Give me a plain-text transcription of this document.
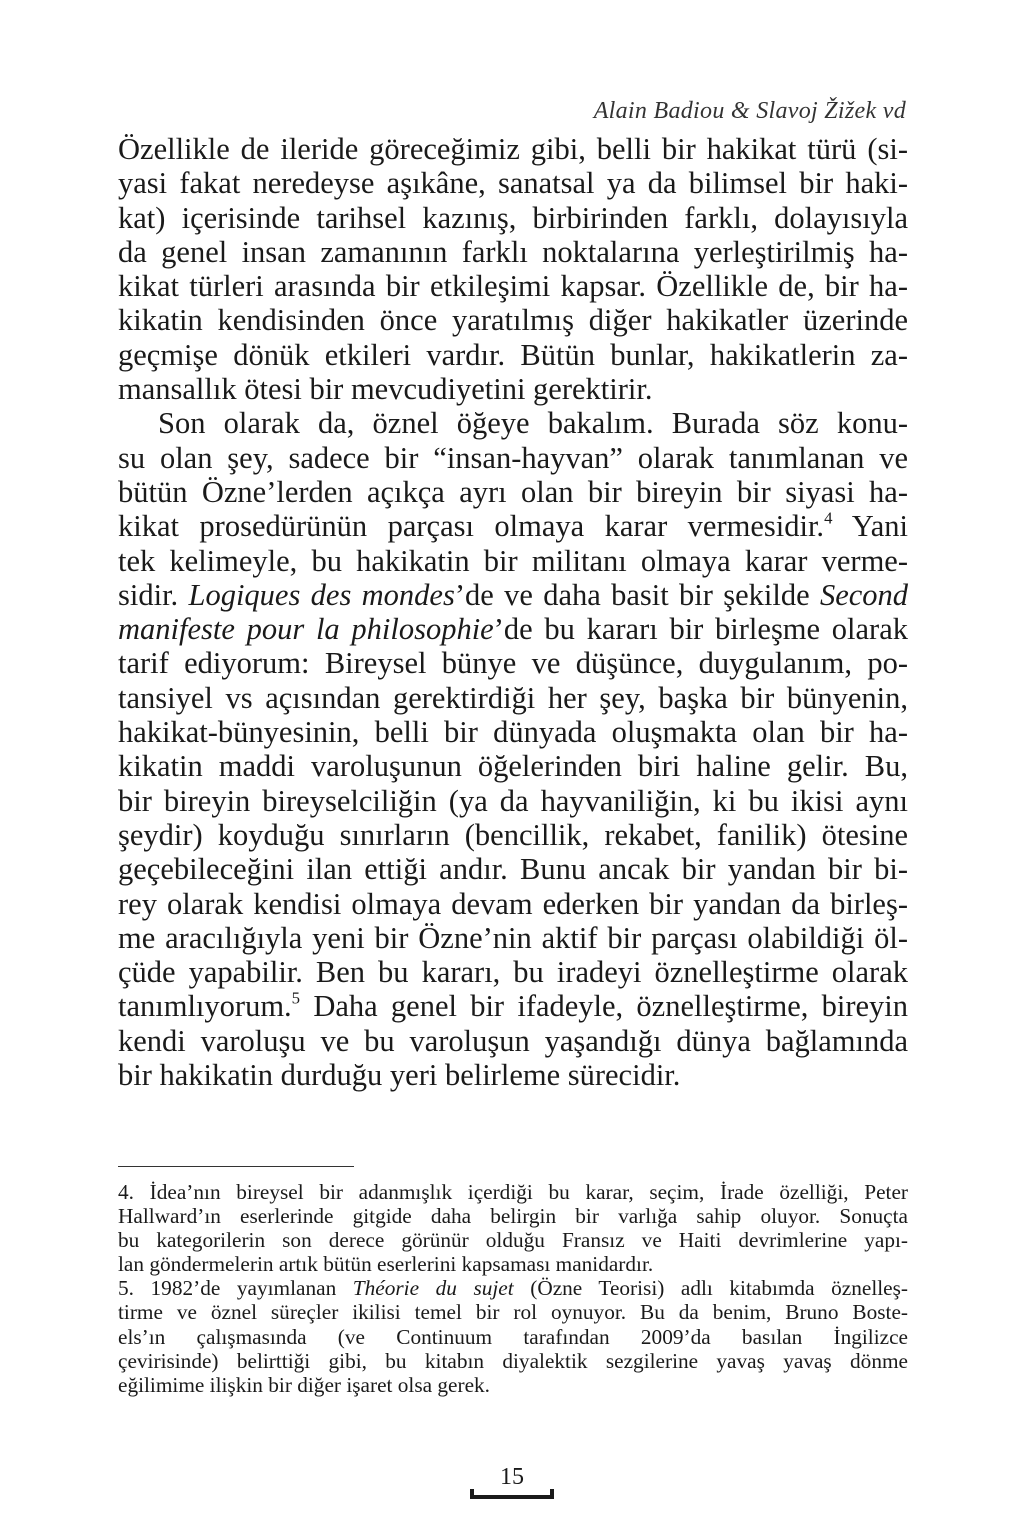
Alain Badiou & Slavoj Žižek vd

Özellikle de ileride göreceğimiz gibi, belli bir hakikat türü (si-
yasi fakat neredeyse aşıkâne, sanatsal ya da bilimsel bir haki-
kat) içerisinde tarihsel kazınış, birbirinden farklı, dolayısıyla
da genel insan zamanının farklı noktalarına yerleştirilmiş ha-
kikat türleri arasında bir etkileşimi kapsar. Özellikle de, bir ha-
kikatin kendisinden önce yaratılmış diğer hakikatler üzerinde
geçmişe dönük etkileri vardır. Bütün bunlar, hakikatlerin za-
mansallık ötesi bir mevcudiyetini gerektirir.

Son olarak da, öznel öğeye bakalım. Burada söz konu-
su olan şey, sadece bir “insan-hayvan” olarak tanımlanan ve
bütün Özne’lerden açıkça ayrı olan bir bireyin bir siyasi ha-
kikat prosedürünün parçası olmaya karar vermesidir.$^4$ Yani
tek kelimeyle, bu hakikatin bir militanı olmaya karar verme-
sidir. Logiques des mondes’de ve daha basit bir şekilde Second
manifeste pour la philosophie’de bu kararı bir birleşme olarak
tarif ediyorum: Bireysel bünye ve düşünce, duygulanım, po-
tansiyel vs açısından gerektirdiği her şey, başka bir bünyenin,
hakikat-bünyesinin, belli bir dünyada oluşmakta olan bir ha-
kikatin maddi varoluşunun öğelerinden biri haline gelir. Bu,
bir bireyin bireyselciliğin (ya da hayvaniliğin, ki bu ikisi aynı
şeydir) koyduğu sınırların (bencillik, rekabet, fanilik) ötesine
geçebileceğini ilan ettiği andır. Bunu ancak bir yandan bir bi-
rey olarak kendisi olmaya devam ederken bir yandan da birleş-
me aracılığıyla yeni bir Özne’nin aktif bir parçası olabildiği öl-
çüde yapabilir. Ben bu kararı, bu iradeyi öznelleştirme olarak
tanımlıyorum.$^5$ Daha genel bir ifadeyle, öznelleştirme, bireyin
kendi varoluşu ve bu varoluşun yaşandığı dünya bağlamında
bir hakikatin durduğu yeri belirleme sürecidir.

4. İdea’nın bireysel bir adanmışlık içerdiği bu karar, seçim, İrade özelliği, Peter
Hallward’ın eserlerinde gitgide daha belirgin bir varlığa sahip oluyor. Sonuçta
bu kategorilerin son derece görünür olduğu Fransız ve Haiti devrimlerine yapı-
lan göndermelerin artık bütün eserlerini kapsaması manidardır.

5. 1982’de yayımlanan Théorie du sujet (Özne Teorisi) adlı kitabımda öznelleş-
tirme ve öznel süreçler ikilisi temel bir rol oynuyor. Bu da benim, Bruno Boste-
els’ın çalışmasında (ve Continuum tarafından 2009’da basılan İngilizce
çevirisinde) belirttiği gibi, bu kitabın diyalektik sezgilerine yavaş yavaş dönme
eğilimime ilişkin bir diğer işaret olsa gerek.

15
